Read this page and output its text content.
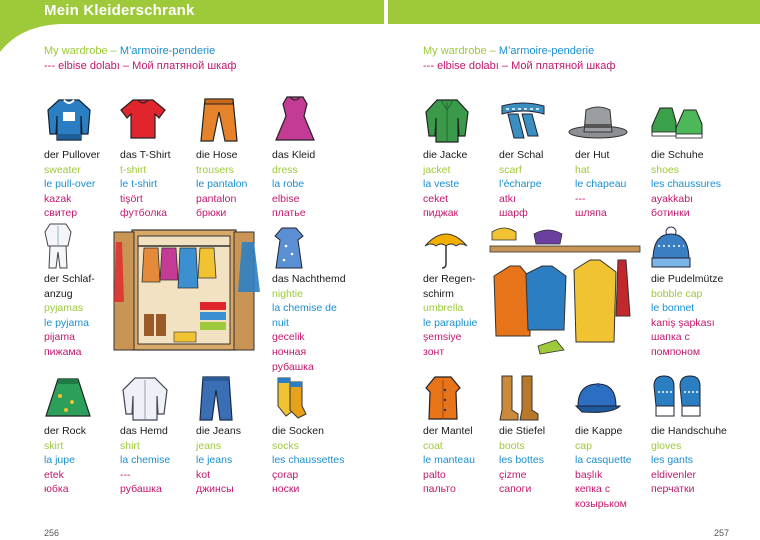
Mein Kleiderschrank
My wardrobe – M’armoire-penderie
--- elbise dolabı – Мой платяной шкаф
My wardrobe – M’armoire-penderie
--- elbise dolabı – Мой платяной шкаф
der Pullover
sweater
le pull-over
kazak
свитер
das T-Shirt
t-shirt
le t-shirt
tişört
футболка
die Hose
trousers
le pantalon
pantalon
брюки
das Kleid
dress
la robe
elbise
платье
der Schlaf-
anzug
pyjamas
le pyjama
pijama
пижама
das Nachthemd
nightie
la chemise de
nuit
gecelik
ночная
рубашка
der Rock
skirt
la jupe
etek
юбка
das Hemd
shirt
la chemise
---
рубашка
die Jeans
jeans
le jeans
kot
джинсы
die Socken
socks
les chaussettes
çorap
носки
256
die Jacke
jacket
la veste
ceket
пиджак
der Schal
scarf
l’écharpe
atkı
шарф
der Hut
hat
le chapeau
---
шляпа
die Schuhe
shoes
les chaussures
ayakkabı
ботинки
der Regen-
schirm
umbrella
le parapluie
şemsiye
зонт
die Pudelmütze
bobble cap
le bonnet
kaniş şapkası
шапка с
помпоном
der Mantel
coat
le manteau
palto
пальто
die Stiefel
boots
les bottes
çizme
сапоги
die Kappe
cap
la casquette
başlık
кепка с
козырьком
die Handschuhe
gloves
les gants
eldivenler
перчатки
257
